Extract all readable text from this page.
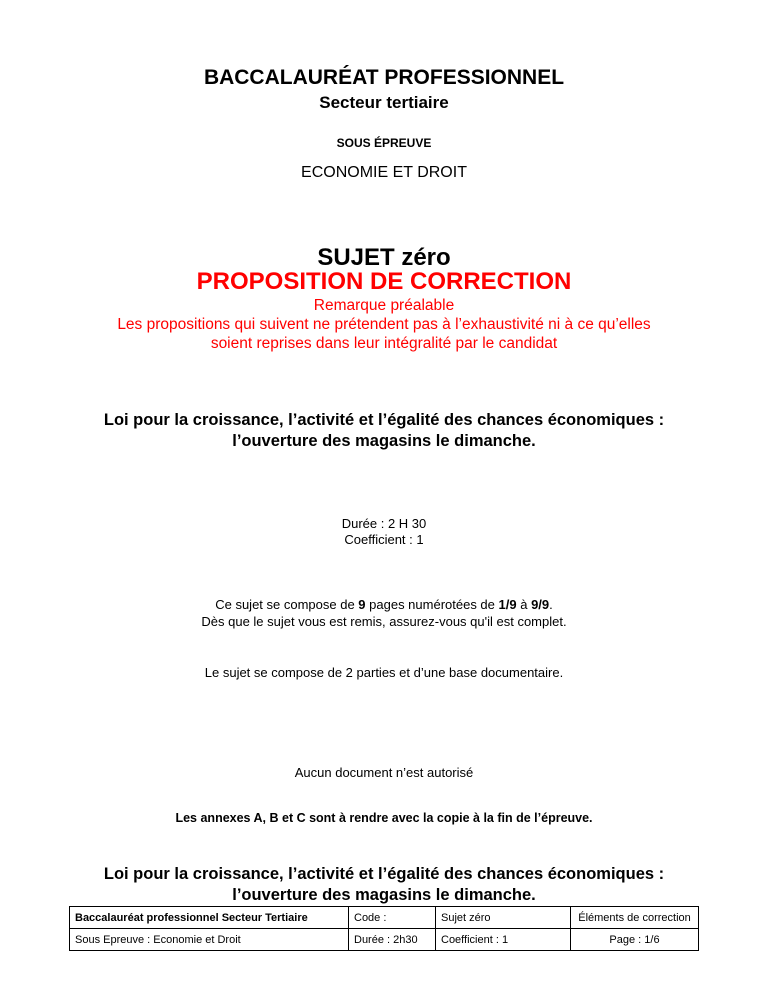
BACCALAURÉAT PROFESSIONNEL
Secteur tertiaire
SOUS ÉPREUVE
ECONOMIE ET DROIT
SUJET zéro
PROPOSITION DE CORRECTION
Remarque préalable
Les propositions qui suivent ne prétendent pas à l’exhaustivité ni à ce qu’elles
soient reprises dans leur intégralité par le candidat
Loi pour la croissance, l’activité et l’égalité des chances économiques :
l’ouverture des magasins le dimanche.
Durée : 2 H 30
Coefficient : 1
Ce sujet se compose de 9 pages numérotées de 1/9 à 9/9.
Dès que le sujet vous est remis, assurez-vous qu'il est complet.
Le sujet se compose de 2 parties et d’une base documentaire.
Aucun document n’est autorisé
Les annexes A, B et C sont à rendre avec la copie à la fin de l’épreuve.
Loi pour la croissance, l’activité et l’égalité des chances économiques :
l’ouverture des magasins le dimanche.
Baccalauréat professionnel Secteur Tertiaire	Code :	Sujet zéro	Éléments de correction
Sous Epreuve : Economie et Droit	Durée : 2h30	Coefficient : 1	Page : 1/6
